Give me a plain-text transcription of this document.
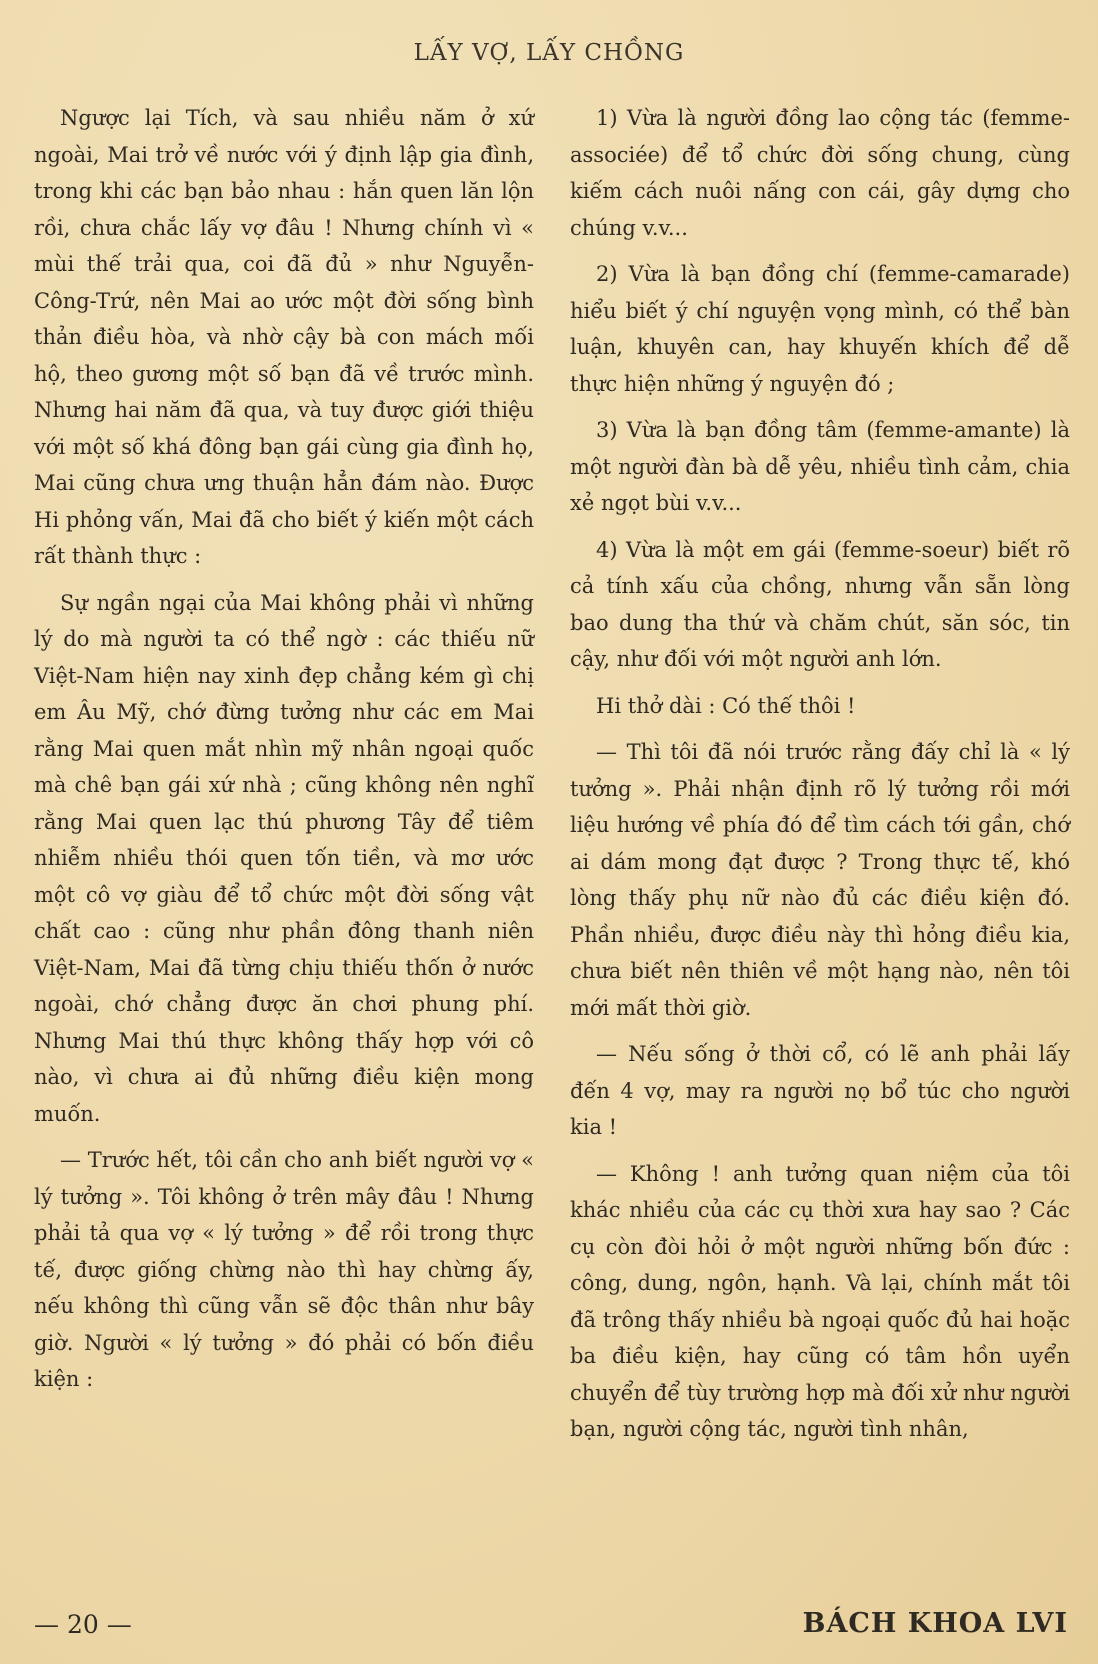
LẤY VỢ, LẤY CHỒNG

Ngược lại Tích, và sau nhiều năm ở xứ ngoài, Mai trở về nước với ý định lập gia đình, trong khi các bạn bảo nhau : hắn quen lăn lộn rồi, chưa chắc lấy vợ đâu ! Nhưng chính vì « mùi thế trải qua, coi đã đủ » như Nguyễn-Công-Trứ, nên Mai ao ước một đời sống bình thản điều hòa, và nhờ cậy bà con mách mối hộ, theo gương một số bạn đã về trước mình. Nhưng hai năm đã qua, và tuy được giới thiệu với một số khá đông bạn gái cùng gia đình họ, Mai cũng chưa ưng thuận hẳn đám nào. Được Hi phỏng vấn, Mai đã cho biết ý kiến một cách rất thành thực :

Sự ngần ngại của Mai không phải vì những lý do mà người ta có thể ngờ : các thiếu nữ Việt-Nam hiện nay xinh đẹp chẳng kém gì chị em Âu Mỹ, chớ đừng tưởng như các em Mai rằng Mai quen mắt nhìn mỹ nhân ngoại quốc mà chê bạn gái xứ nhà ; cũng không nên nghĩ rằng Mai quen lạc thú phương Tây để tiêm nhiễm nhiều thói quen tốn tiền, và mơ ước một cô vợ giàu để tổ chức một đời sống vật chất cao : cũng như phần đông thanh niên Việt-Nam, Mai đã từng chịu thiếu thốn ở nước ngoài, chớ chẳng được ăn chơi phung phí. Nhưng Mai thú thực không thấy hợp với cô nào, vì chưa ai đủ những điều kiện mong muốn.

— Trước hết, tôi cần cho anh biết người vợ « lý tưởng ». Tôi không ở trên mây đâu ! Nhưng phải tả qua vợ « lý tưởng » để rồi trong thực tế, được giống chừng nào thì hay chừng ấy, nếu không thì cũng vẫn sẽ độc thân như bây giờ. Người « lý tưởng » đó phải có bốn điều kiện :

1) Vừa là người đồng lao cộng tác (femme-associée) để tổ chức đời sống chung, cùng kiếm cách nuôi nấng con cái, gây dựng cho chúng v.v...

2) Vừa là bạn đồng chí (femme-camarade) hiểu biết ý chí nguyện vọng mình, có thể bàn luận, khuyên can, hay khuyến khích để dễ thực hiện những ý nguyện đó ;

3) Vừa là bạn đồng tâm (femme-amante) là một người đàn bà dễ yêu, nhiều tình cảm, chia xẻ ngọt bùi v.v...

4) Vừa là một em gái (femme-soeur) biết rõ cả tính xấu của chồng, nhưng vẫn sẵn lòng bao dung tha thứ và chăm chút, săn sóc, tin cậy, như đối với một người anh lớn.

Hi thở dài : Có thế thôi !

— Thì tôi đã nói trước rằng đấy chỉ là « lý tưởng ». Phải nhận định rõ lý tưởng rồi mới liệu hướng về phía đó để tìm cách tới gần, chớ ai dám mong đạt được ? Trong thực tế, khó lòng thấy phụ nữ nào đủ các điều kiện đó. Phần nhiều, được điều này thì hỏng điều kia, chưa biết nên thiên về một hạng nào, nên tôi mới mất thời giờ.

— Nếu sống ở thời cổ, có lẽ anh phải lấy đến 4 vợ, may ra người nọ bổ túc cho người kia !

— Không ! anh tưởng quan niệm của tôi khác nhiều của các cụ thời xưa hay sao ? Các cụ còn đòi hỏi ở một người những bốn đức : công, dung, ngôn, hạnh. Và lại, chính mắt tôi đã trông thấy nhiều bà ngoại quốc đủ hai hoặc ba điều kiện, hay cũng có tâm hồn uyển chuyển để tùy trường hợp mà đối xử như người bạn, người cộng tác, người tình nhân,

— 20 —	BÁCH KHOA LVI
